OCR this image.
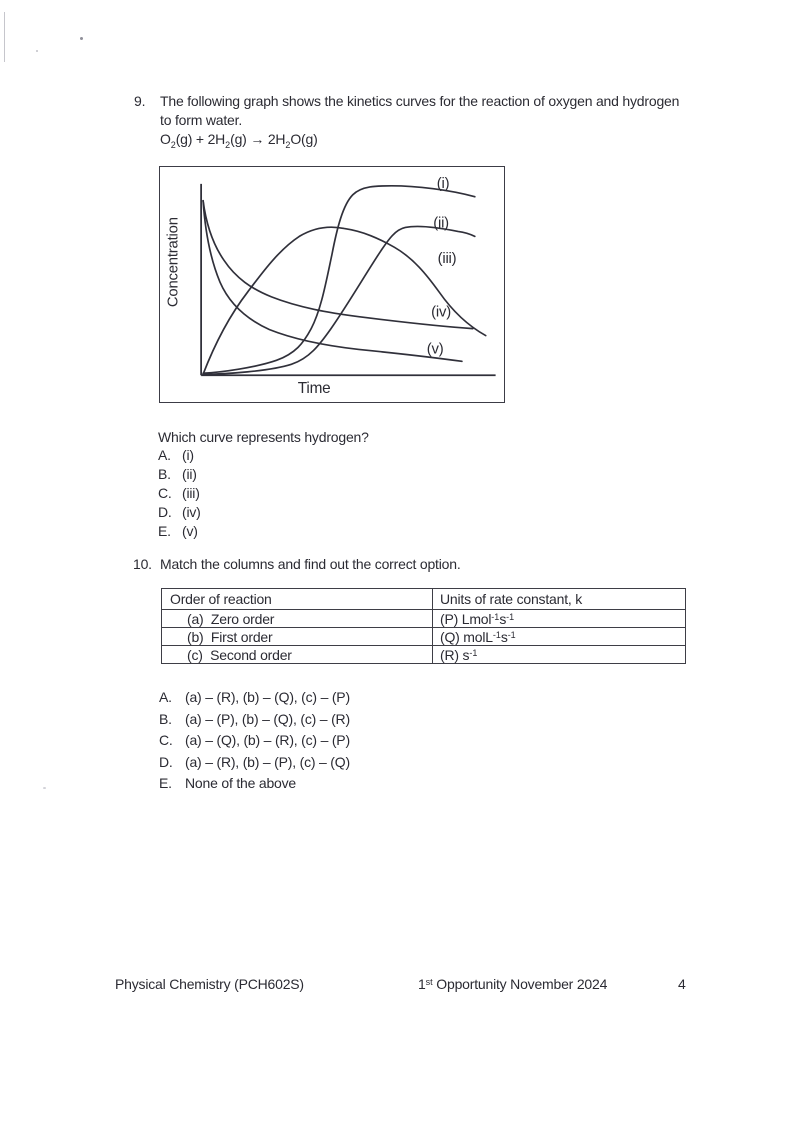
9. The following graph shows the kinetics curves for the reaction of oxygen and hydrogen
to form water.
$O_2(g) + 2H_2(g) \to 2H_2O(g)$
(i)
(ii)
(iii)
(iv)
(v)
Concentration
Time
Which curve represents hydrogen?
A. (i)
B. (ii)
C. (iii)
D. (iv)
E. (v)
10. Match the columns and find out the correct option.
Order of reaction	Units of rate constant, k
(a)  Zero order	(P) $Lmol^{-1}s^{-1}$
(b)  First order	(Q) $molL^{-1}s^{-1}$
(c)  Second order	(R) $s^{-1}$
A. (a) – (R), (b) – (Q), (c) – (P)
B. (a) – (P), (b) – (Q), (c) – (R)
C. (a) – (Q), (b) – (R), (c) – (P)
D. (a) – (R), (b) – (P), (c) – (Q)
E. None of the above
Physical Chemistry (PCH602S)	1st Opportunity November 2024	4
